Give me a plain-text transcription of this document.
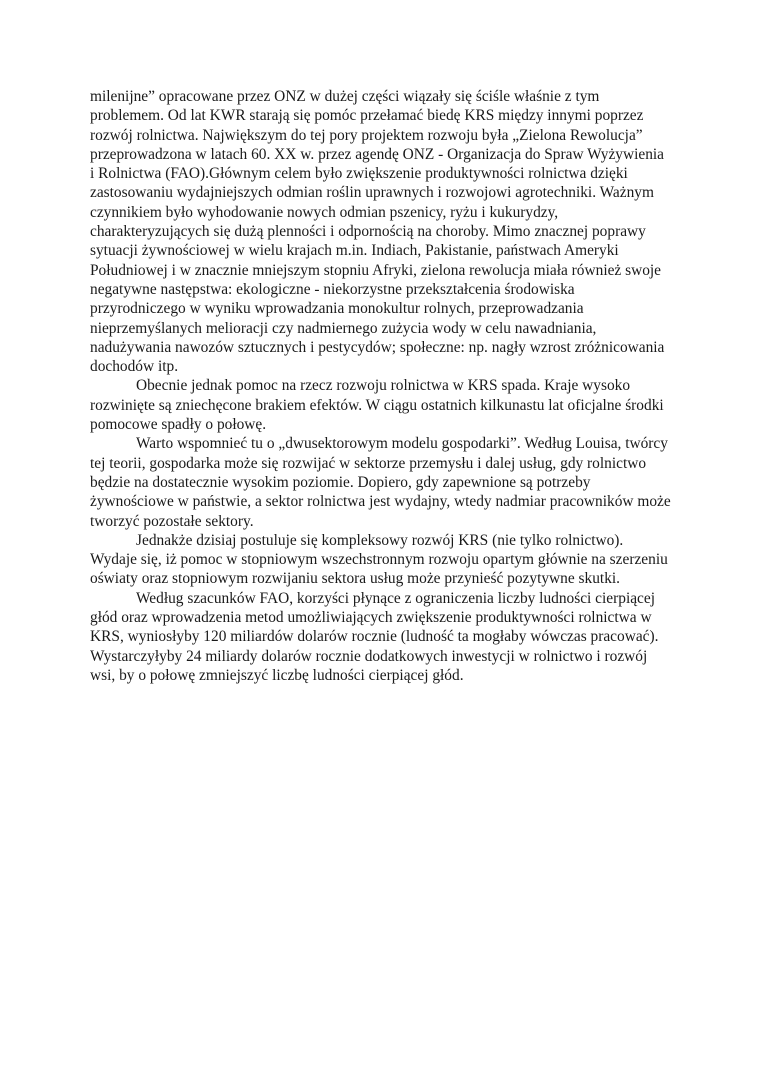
milenijne” opracowane przez ONZ w dużej części wiązały się ściśle właśnie z tym
problemem. Od lat KWR starają się pomóc przełamać biedę KRS między innymi poprzez
rozwój rolnictwa. Największym do tej pory projektem rozwoju była „Zielona Rewolucja”
przeprowadzona w latach 60. XX w. przez agendę ONZ - Organizacja do Spraw Wyżywienia
i Rolnictwa (FAO).Głównym celem było zwiększenie produktywności rolnictwa dzięki
zastosowaniu wydajniejszych odmian roślin uprawnych i rozwojowi agrotechniki. Ważnym
czynnikiem było wyhodowanie nowych odmian pszenicy, ryżu i kukurydzy,
charakteryzujących się dużą plenności i odpornością na choroby. Mimo znacznej poprawy
sytuacji żywnościowej w wielu krajach m.in. Indiach, Pakistanie, państwach Ameryki
Południowej i w znacznie mniejszym stopniu Afryki, zielona rewolucja miała również swoje
negatywne następstwa: ekologiczne - niekorzystne przekształcenia środowiska
przyrodniczego w wyniku wprowadzania monokultur rolnych, przeprowadzania
nieprzemyślanych melioracji czy nadmiernego zużycia wody w celu nawadniania,
nadużywania nawozów sztucznych i pestycydów; społeczne: np. nagły wzrost zróżnicowania
dochodów itp.
Obecnie jednak pomoc na rzecz rozwoju rolnictwa w KRS spada. Kraje wysoko
rozwinięte są zniechęcone brakiem efektów. W ciągu ostatnich kilkunastu lat oficjalne środki
pomocowe spadły o połowę.
Warto wspomnieć tu o „dwusektorowym modelu gospodarki”. Według Louisa, twórcy
tej teorii, gospodarka może się rozwijać w sektorze przemysłu i dalej usług, gdy rolnictwo
będzie na dostatecznie wysokim poziomie. Dopiero, gdy zapewnione są potrzeby
żywnościowe w państwie, a sektor rolnictwa jest wydajny, wtedy nadmiar pracowników może
tworzyć pozostałe sektory.
Jednakże dzisiaj postuluje się kompleksowy rozwój KRS (nie tylko rolnictwo).
Wydaje się, iż pomoc w stopniowym wszechstronnym rozwoju opartym głównie na szerzeniu
oświaty oraz stopniowym rozwijaniu sektora usług może przynieść pozytywne skutki.
Według szacunków FAO, korzyści płynące z ograniczenia liczby ludności cierpiącej
głód oraz wprowadzenia metod umożliwiających zwiększenie produktywności rolnictwa w
KRS, wyniosłyby 120 miliardów dolarów rocznie (ludność ta mogłaby wówczas pracować).
Wystarczyłyby 24 miliardy dolarów rocznie dodatkowych inwestycji w rolnictwo i rozwój
wsi, by o połowę zmniejszyć liczbę ludności cierpiącej głód.
